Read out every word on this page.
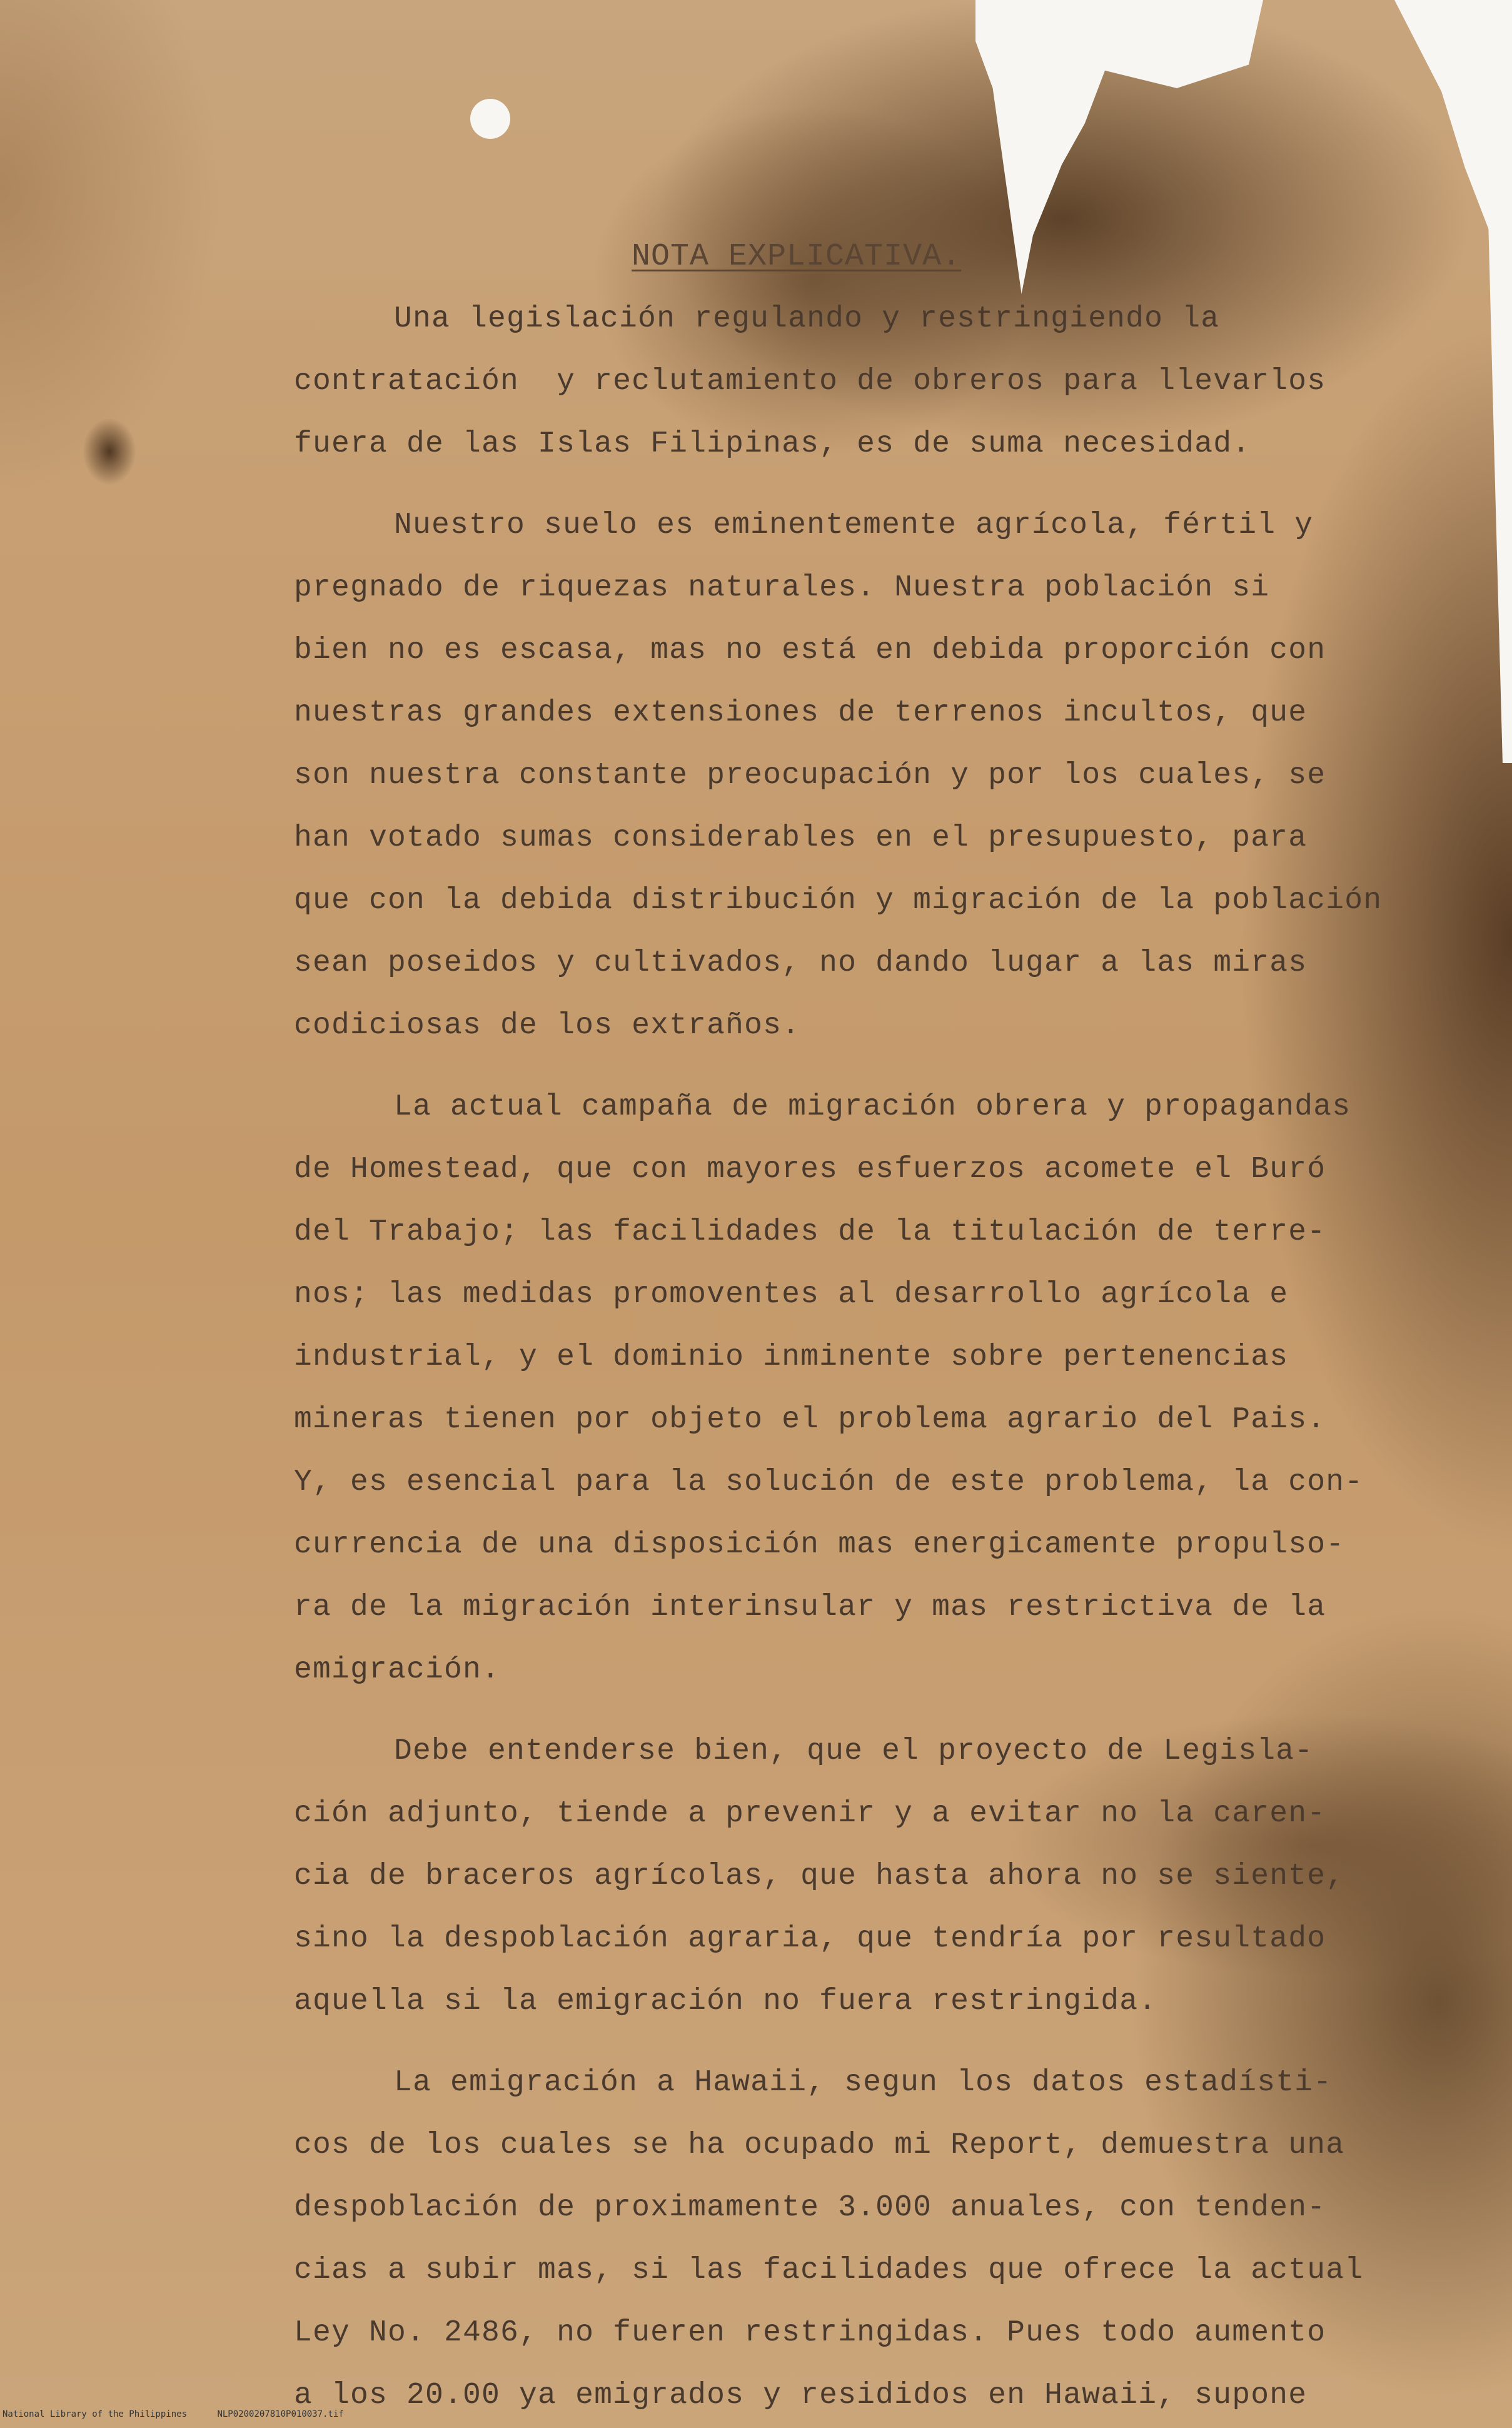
NOTA EXPLICATIVA.
Una legislación regulando y restringiendo la
contratación  y reclutamiento de obreros para llevarlos
fuera de las Islas Filipinas, es de suma necesidad.
Nuestro suelo es eminentemente agrícola, fértil y
pregnado de riquezas naturales. Nuestra población si
bien no es escasa, mas no está en debida proporción con
nuestras grandes extensiones de terrenos incultos, que
son nuestra constante preocupación y por los cuales, se
han votado sumas considerables en el presupuesto, para
que con la debida distribución y migración de la población
sean poseidos y cultivados, no dando lugar a las miras
codiciosas de los extraños.
La actual campaña de migración obrera y propagandas
de Homestead, que con mayores esfuerzos acomete el Buró
del Trabajo; las facilidades de la titulación de terre-
nos; las medidas promoventes al desarrollo agrícola e
industrial, y el dominio inminente sobre pertenencias
mineras tienen por objeto el problema agrario del Pais.
Y, es esencial para la solución de este problema, la con-
currencia de una disposición mas energicamente propulso-
ra de la migración interinsular y mas restrictiva de la
emigración.
Debe entenderse bien, que el proyecto de Legisla-
ción adjunto, tiende a prevenir y a evitar no la caren-
cia de braceros agrícolas, que hasta ahora no se siente,
sino la despoblación agraria, que tendría por resultado
aquella si la emigración no fuera restringida.
La emigración a Hawaii, segun los datos estadísti-
cos de los cuales se ha ocupado mi Report, demuestra una
despoblación de proximamente 3.000 anuales, con tenden-
cias a subir mas, si las facilidades que ofrece la actual
Ley No. 2486, no fueren restringidas. Pues todo aumento
a los 20.00 ya emigrados y resididos en Hawaii, supone
National Library of the Philippines	NLP0200207810P010037.tif
